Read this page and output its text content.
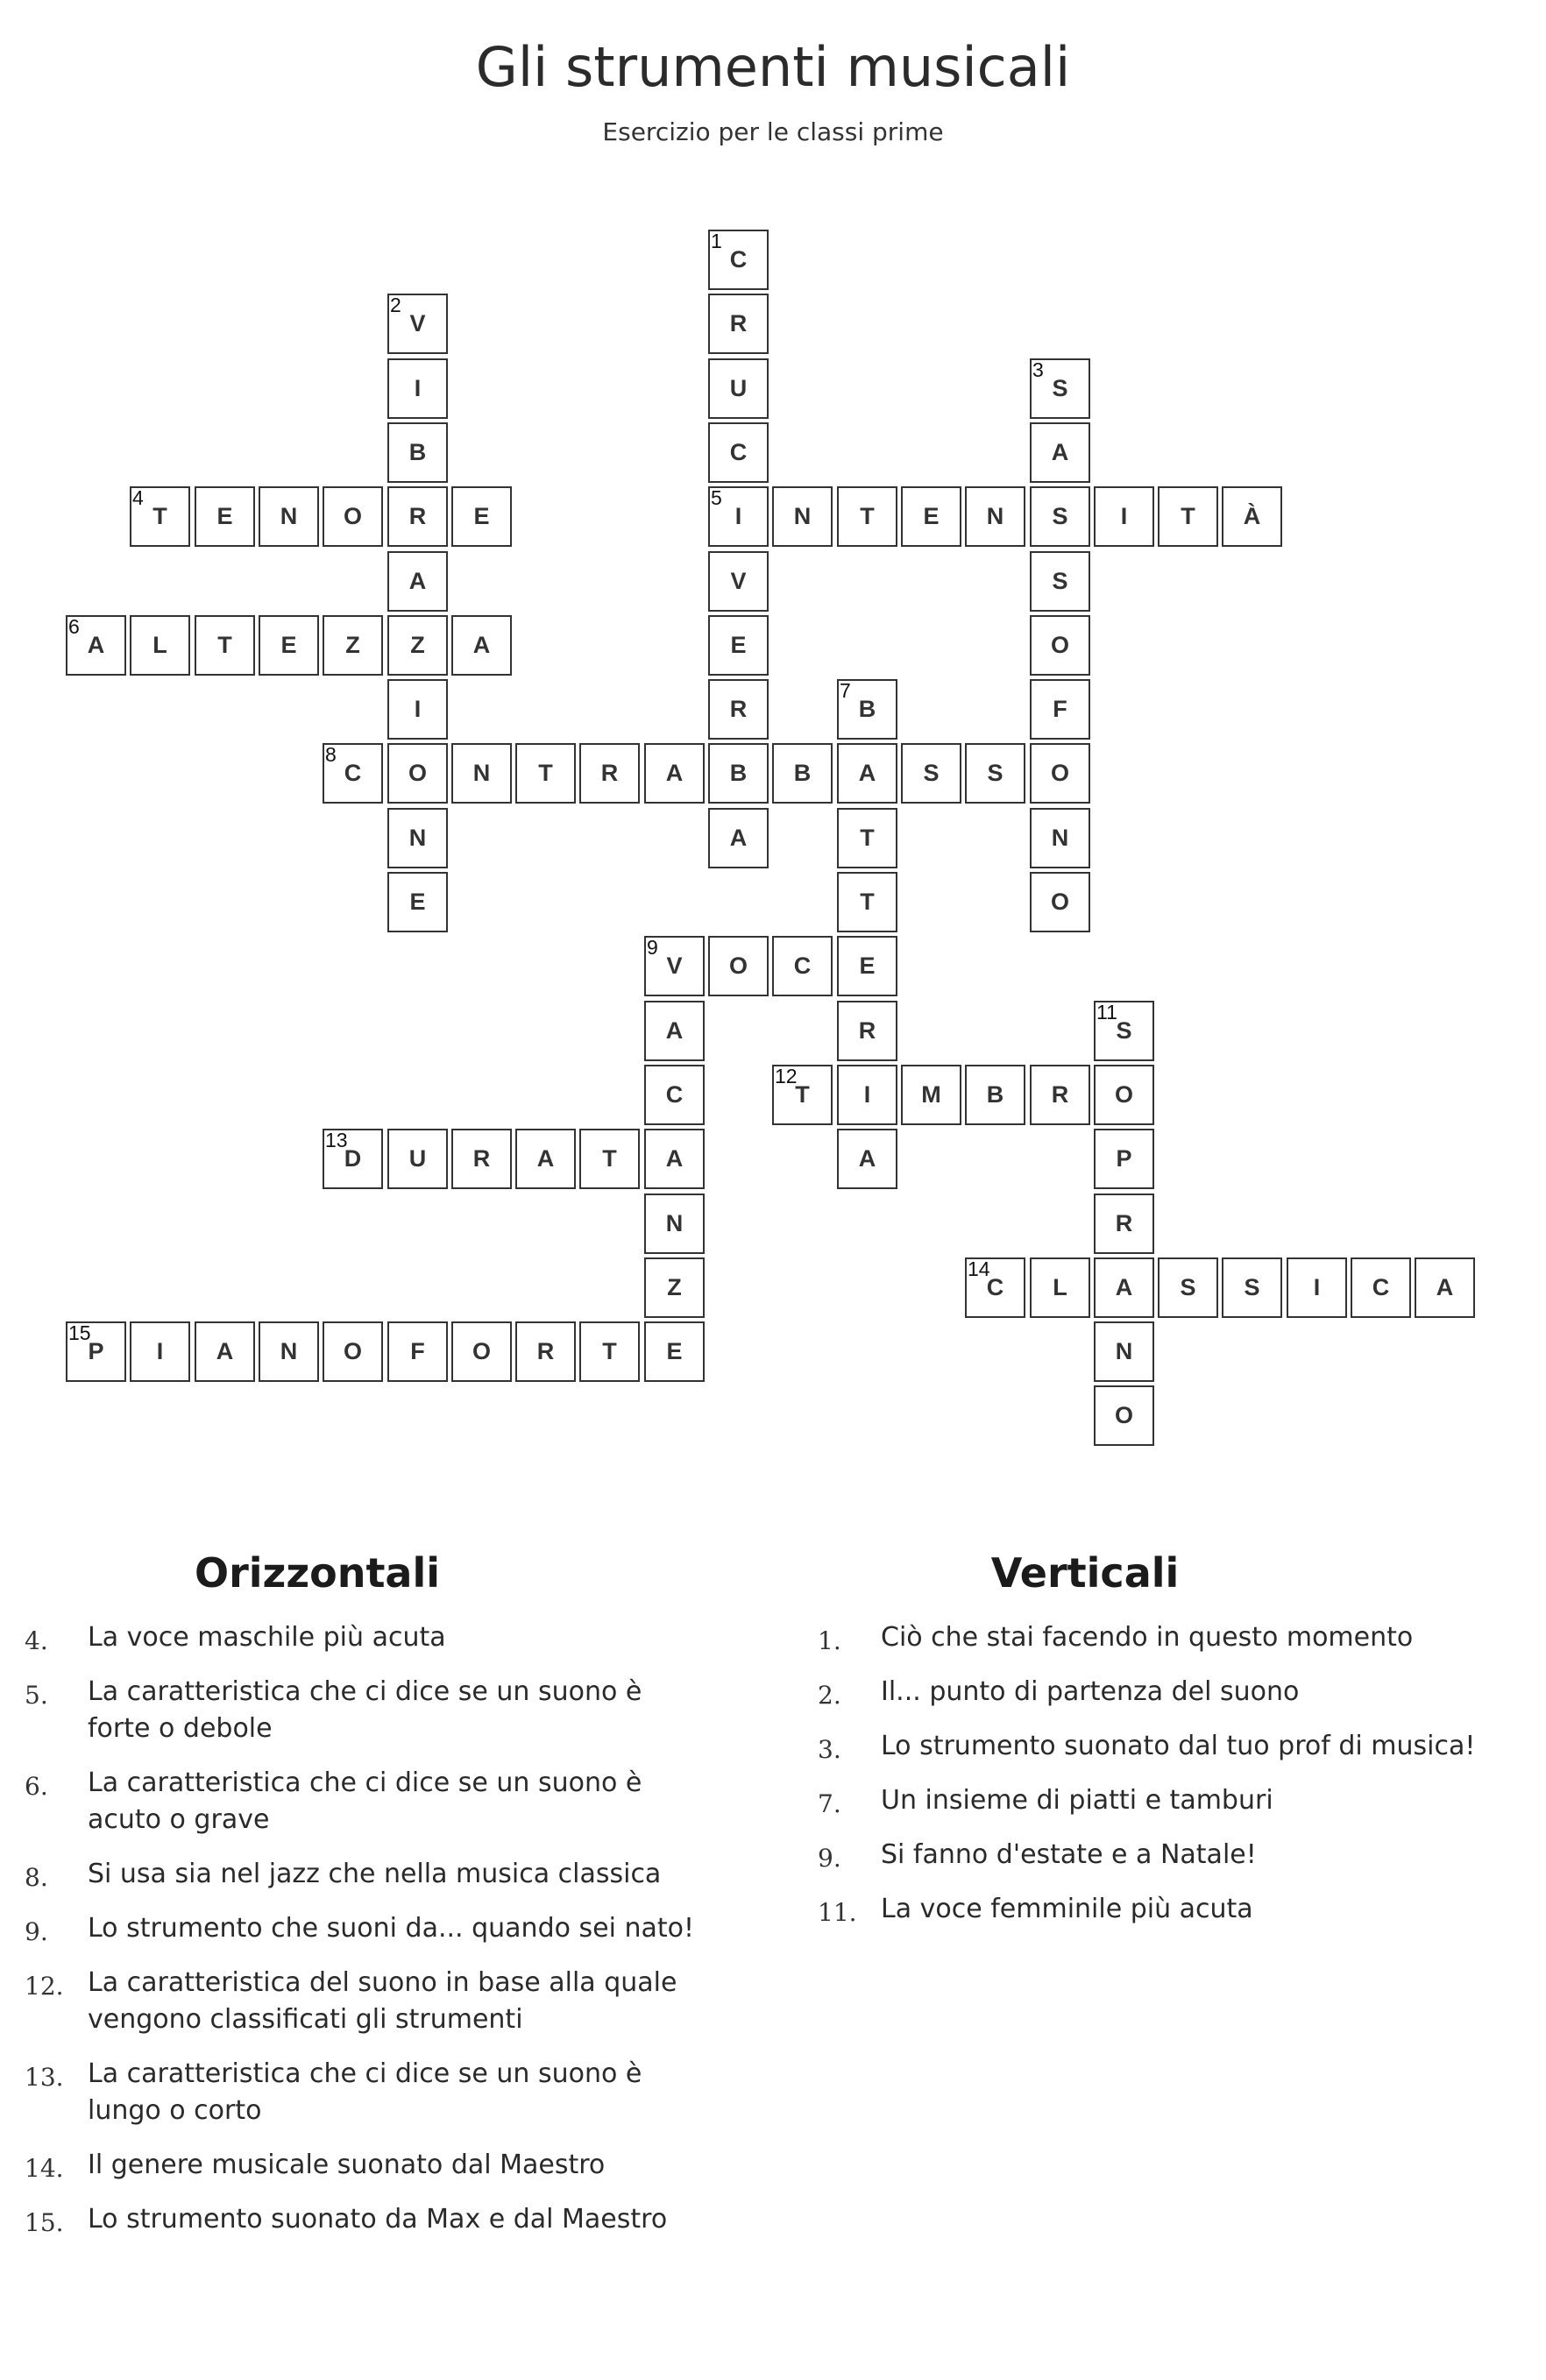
Gli strumenti musicali
Esercizio per le classi prime
1
C
R
U
C
5
I
V
E
R
B
A
2
V
I
B
R
A
Z
I
O
N
E
3
S
A
S
S
O
F
O
N
O
4
T	E	N	O	E	N	T	E	N	I	T	À
6
A	L	T	E	Z	A
7
B
A
T
T
E
R
I
A
8
C	N	T	R	A	B	S	S
9
V	O	C
A
C
A
N
Z
E
11
S
O
P
R
A
N
O
12
T	M	B	R
13
D	U	R	A	T
14
C	L	S	S	I	C	A
15
P	I	A	N	O	F	O	R	T
Orizzontali	Verticali
4. La voce maschile più acuta
5. La caratteristica che ci dice se un suono è forte o debole
6. La caratteristica che ci dice se un suono è acuto o grave
8. Si usa sia nel jazz che nella musica classica
9. Lo strumento che suoni da... quando sei nato!
12. La caratteristica del suono in base alla quale vengono classificati gli strumenti
13. La caratteristica che ci dice se un suono è lungo o corto
14. Il genere musicale suonato dal Maestro
15. Lo strumento suonato da Max e dal Maestro
1. Ciò che stai facendo in questo momento
2. Il... punto di partenza del suono
3. Lo strumento suonato dal tuo prof di musica!
7. Un insieme di piatti e tamburi
9. Si fanno d'estate e a Natale!
11. La voce femminile più acuta
